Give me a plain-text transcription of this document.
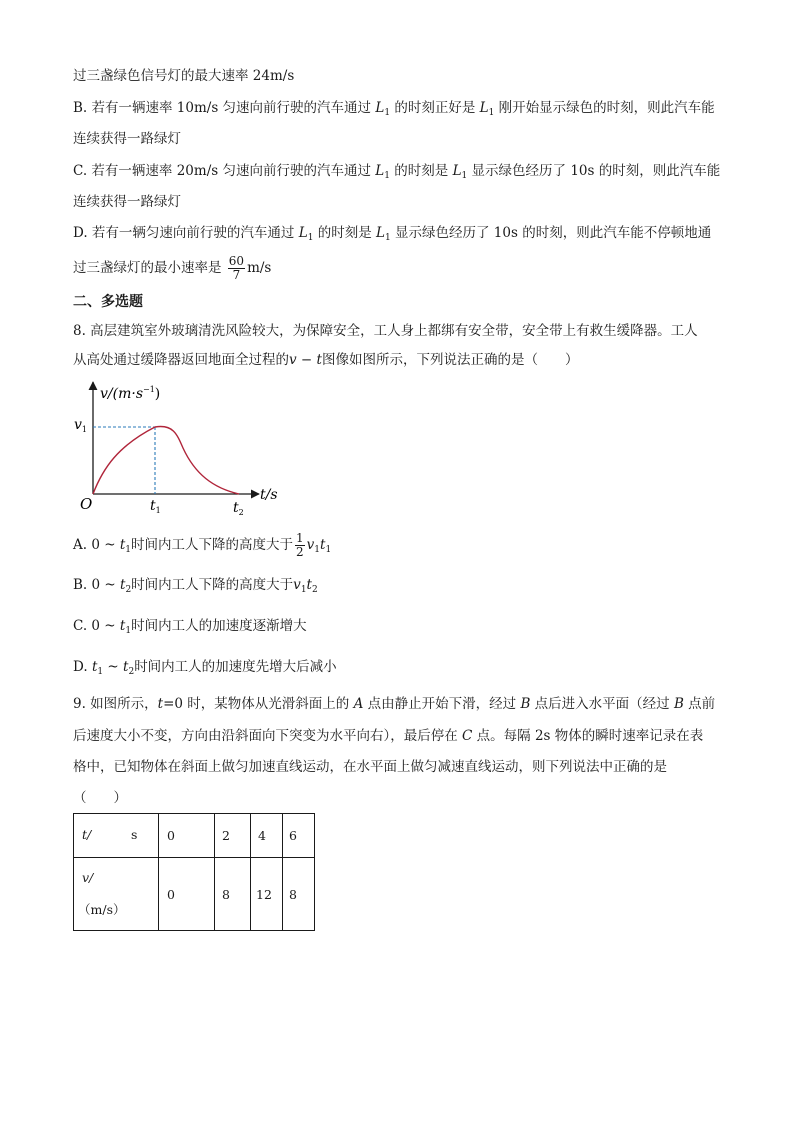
过三盏绿色信号灯的最大速率 24m/s
B. 若有一辆速率 10m/s 匀速向前行驶的汽车通过 $L_1$ 的时刻正好是 $L_1$ 刚开始显示绿色的时刻，则此汽车能
连续获得一路绿灯
C. 若有一辆速率 20m/s 匀速向前行驶的汽车通过 $L_1$ 的时刻是 $L_1$ 显示绿色经历了 10s 的时刻，则此汽车能
连续获得一路绿灯
D. 若有一辆匀速向前行驶的汽车通过 $L_1$ 的时刻是 $L_1$ 显示绿色经历了 10s 的时刻，则此汽车能不停顿地通
过三盏绿灯的最小速率是 $\frac{60}{7} m/s$
二、多选题
8. 高层建筑室外玻璃清洗风险较大，为保障安全，工人身上都绑有安全带，安全带上有救生缓降器。工人
从高处通过缓降器返回地面全过程的v − t图像如图所示，下列说法正确的是（　　）
$v/(m\cdot s^{-1})$
$v_1$
O	$t_1$	$t_2$
t/s
A. 0 ~ $t_1$时间内工人下降的高度大于 $\frac{1}{2} v_1t_1$
B. 0 ~ $t_2$时间内工人下降的高度大于$v_1t_2$
C. 0 ~ $t_1$时间内工人的加速度逐渐增大
D. $t_1$ ~ $t_2$时间内工人的加速度先增大后减小
9. 如图所示，t=0 时，某物体从光滑斜面上的 A 点由静止开始下滑，经过 B 点后进入水平面（经过 B 点前
后速度大小不变，方向由沿斜面向下突变为水平向右），最后停在 C 点。每隔 2s 物体的瞬时速率记录在表
格中，已知物体在斜面上做匀加速直线运动，在水平面上做匀减速直线运动，则下列说法中正确的是
（　　）
t/ s	0	2	4	6

v/
（m/s）	0	8	12	8
